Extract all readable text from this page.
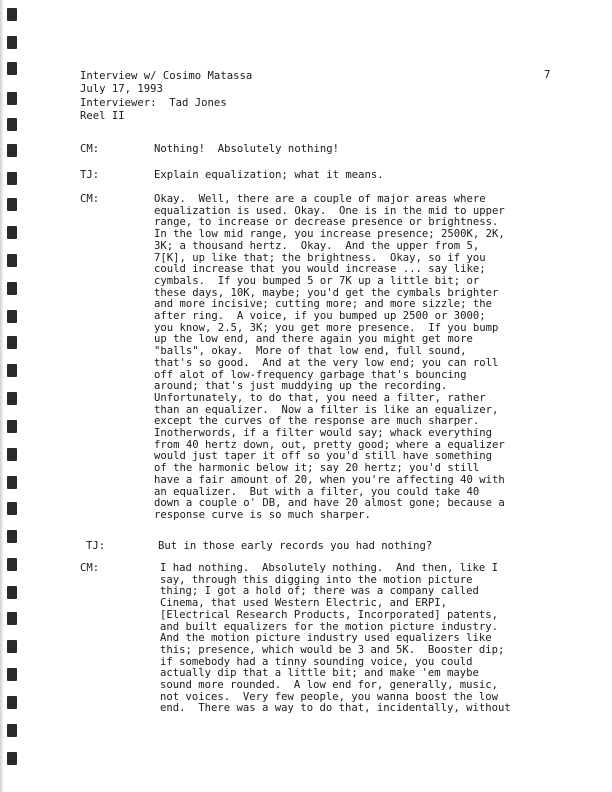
Interview w/ Cosimo Matassa
July 17, 1993
Interviewer:  Tad Jones
Reel II
7
CM:	Nothing!  Absolutely nothing!
TJ:	Explain equalization; what it means.
CM:	Okay.  Well, there are a couple of major areas where
equalization is used. Okay.  One is in the mid to upper
range, to increase or decrease presence or brightness.
In the low mid range, you increase presence; 2500K, 2K,
3K; a thousand hertz.  Okay.  And the upper from 5,
7[K], up like that; the brightness.  Okay, so if you
could increase that you would increase ... say like;
cymbals.  If you bumped 5 or 7K up a little bit; or
these days, 10K, maybe; you'd get the cymbals brighter
and more incisive; cutting more; and more sizzle; the
after ring.  A voice, if you bumped up 2500 or 3000;
you know, 2.5, 3K; you get more presence.  If you bump
up the low end, and there again you might get more
"balls", okay.  More of that low end, full sound,
that's so good.  And at the very low end; you can roll
off alot of low-frequency garbage that's bouncing
around; that's just muddying up the recording.
Unfortunately, to do that, you need a filter, rather
than an equalizer.  Now a filter is like an equalizer,
except the curves of the response are much sharper.
Inotherwords, if a filter would say; whack everything
from 40 hertz down, out, pretty good; where a equalizer
would just taper it off so you'd still have something
of the harmonic below it; say 20 hertz; you'd still
have a fair amount of 20, when you're affecting 40 with
an equalizer.  But with a filter, you could take 40
down a couple o' DB, and have 20 almost gone; because a
response curve is so much sharper.
TJ:	But in those early records you had nothing?
CM:	I had nothing.  Absolutely nothing.  And then, like I
say, through this digging into the motion picture
thing; I got a hold of; there was a company called
Cinema, that used Western Electric, and ERPI,
[Electrical Research Products, Incorporated] patents,
and built equalizers for the motion picture industry.
And the motion picture industry used equalizers like
this; presence, which would be 3 and 5K.  Booster dip;
if somebody had a tinny sounding voice, you could
actually dip that a little bit; and make 'em maybe
sound more rounded.  A low end for, generally, music,
not voices.  Very few people, you wanna boost the low
end.  There was a way to do that, incidentally, without
